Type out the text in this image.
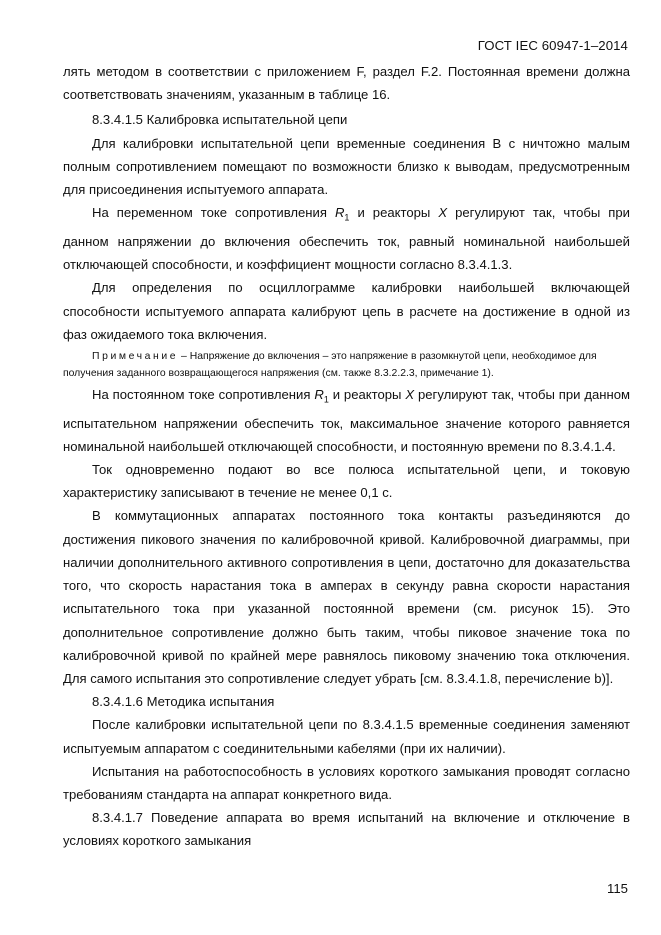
ГОСТ IEC 60947-1–2014

лять методом в соответствии с приложением F, раздел F.2. Постоянная времени должна соответствовать значениям, указанным в таблице 16.

8.3.4.1.5 Калибровка испытательной цепи

Для калибровки испытательной цепи временные соединения В с ничтожно малым полным сопротивлением помещают по возможности близко к выводам, предусмотренным для присоединения испытуемого аппарата.

На переменном токе сопротивления $R_1$ и реакторы X регулируют так, чтобы при данном напряжении до включения обеспечить ток, равный номинальной наибольшей отключающей способности, и коэффициент мощности согласно 8.3.4.1.3.

Для определения по осциллограмме калибровки наибольшей включающей способности испытуемого аппарата калибруют цепь в расчете на достижение в одной из фаз ожидаемого тока включения.

Примечание – Напряжение до включения – это напряжение в разомкнутой цепи, необходимое для получения заданного возвращающегося напряжения (см. также 8.3.2.2.3, примечание 1).

На постоянном токе сопротивления $R_1$ и реакторы X регулируют так, чтобы при данном испытательном напряжении обеспечить ток, максимальное значение которого равняется номинальной наибольшей отключающей способности, и постоянную времени по 8.3.4.1.4.

Ток одновременно подают во все полюса испытательной цепи, и токовую характеристику записывают в течение не менее 0,1 с.

В коммутационных аппаратах постоянного тока контакты разъединяются до достижения пикового значения по калибровочной кривой. Калибровочной диаграммы, при наличии дополнительного активного сопротивления в цепи, достаточно для доказательства того, что скорость нарастания тока в амперах в секунду равна скорости нарастания испытательного тока при указанной постоянной времени (см. рисунок 15). Это дополнительное сопротивление должно быть таким, чтобы пиковое значение тока по калибровочной кривой по крайней мере равнялось пиковому значению тока отключения. Для самого испытания это сопротивление следует убрать [см. 8.3.4.1.8, перечисление b)].

8.3.4.1.6 Методика испытания

После калибровки испытательной цепи по 8.3.4.1.5 временные соединения заменяют испытуемым аппаратом с соединительными кабелями (при их наличии).

Испытания на работоспособность в условиях короткого замыкания проводят согласно требованиям стандарта на аппарат конкретного вида.

8.3.4.1.7 Поведение аппарата во время испытаний на включение и отключение в условиях короткого замыкания

115
